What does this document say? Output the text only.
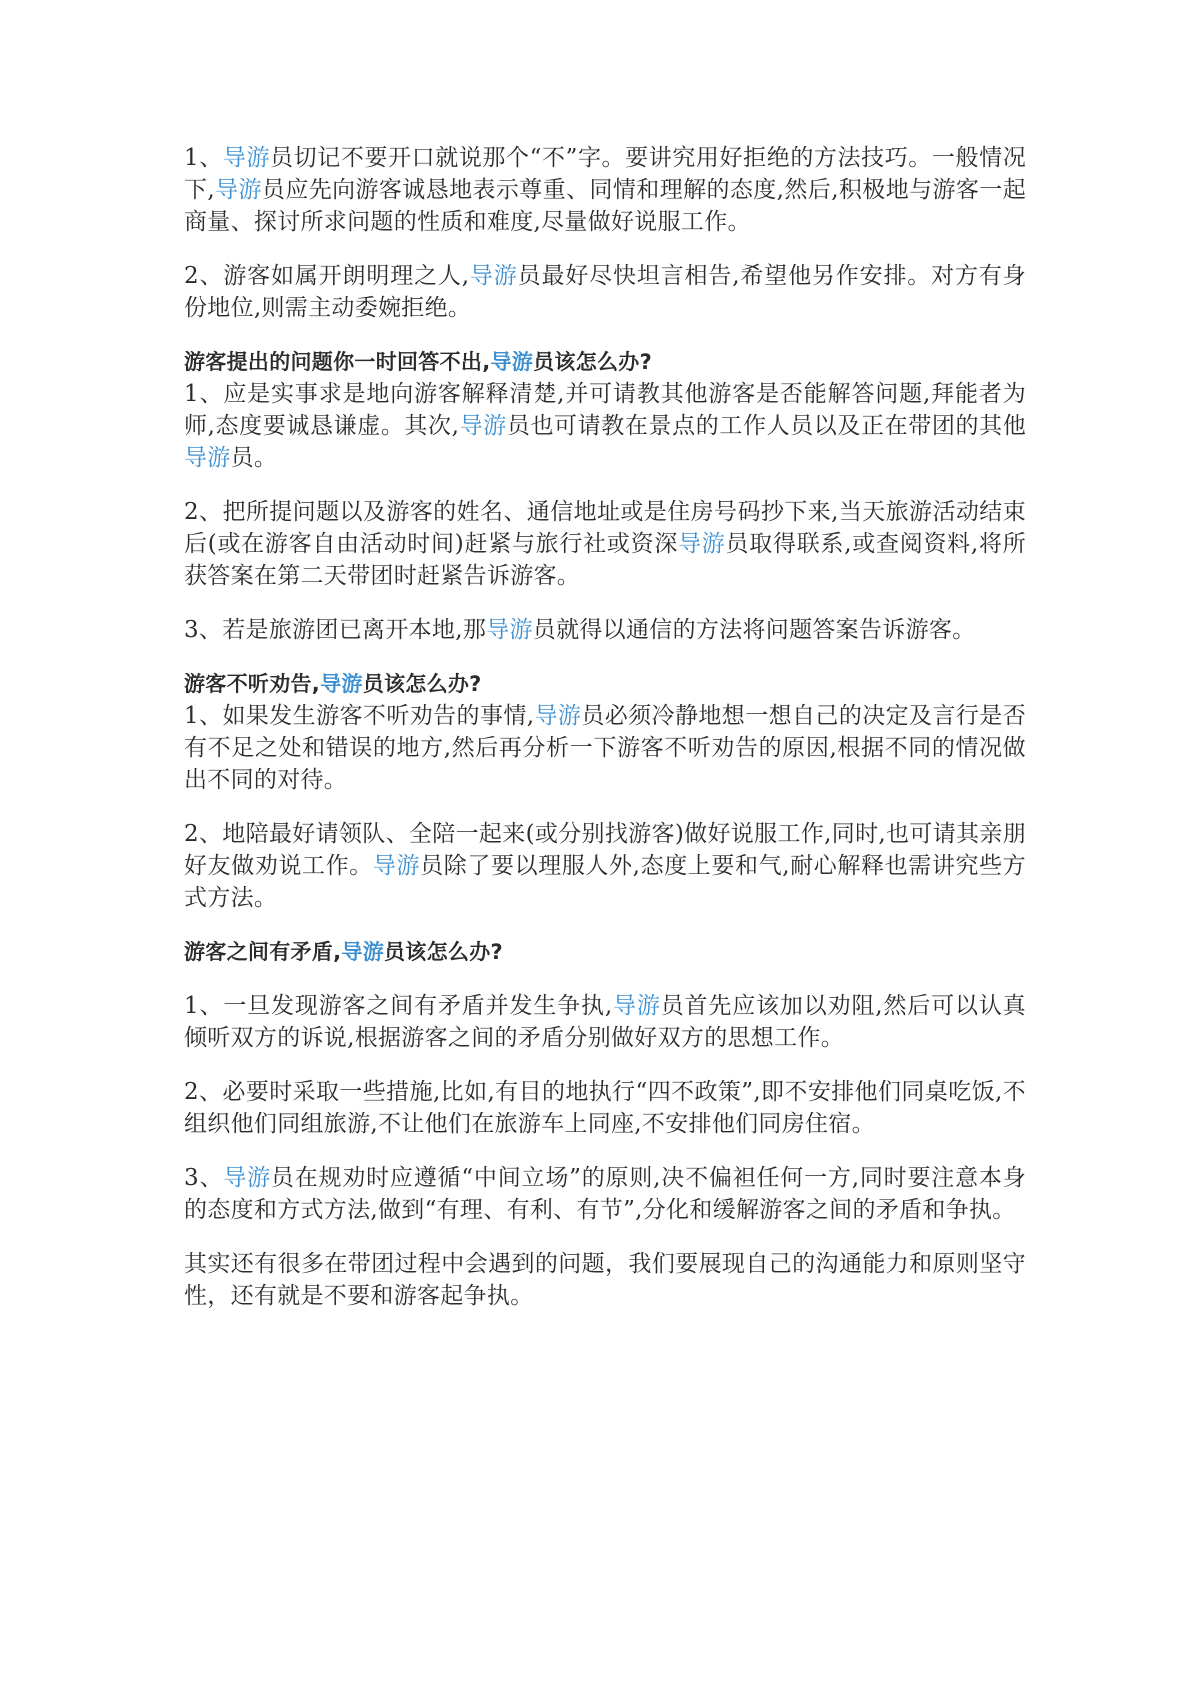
1、导游员切记不要开口就说那个“不”字。要讲究用好拒绝的方法技巧。一般情况下,导游员应先向游客诚恳地表示尊重、同情和理解的态度,然后,积极地与游客一起商量、探讨所求问题的性质和难度,尽量做好说服工作。

2、游客如属开朗明理之人,导游员最好尽快坦言相告,希望他另作安排。对方有身份地位,则需主动委婉拒绝。

游客提出的问题你一时回答不出,导游员该怎么办?

1、应是实事求是地向游客解释清楚,并可请教其他游客是否能解答问题,拜能者为师,态度要诚恳谦虚。其次,导游员也可请教在景点的工作人员以及正在带团的其他导游员。

2、把所提问题以及游客的姓名、通信地址或是住房号码抄下来,当天旅游活动结束后(或在游客自由活动时间)赶紧与旅行社或资深导游员取得联系,或查阅资料,将所获答案在第二天带团时赶紧告诉游客。

3、若是旅游团已离开本地,那导游员就得以通信的方法将问题答案告诉游客。

游客不听劝告,导游员该怎么办?

1、如果发生游客不听劝告的事情,导游员必须冷静地想一想自己的决定及言行是否有不足之处和错误的地方,然后再分析一下游客不听劝告的原因,根据不同的情况做出不同的对待。

2、地陪最好请领队、全陪一起来(或分别找游客)做好说服工作,同时,也可请其亲朋好友做劝说工作。导游员除了要以理服人外,态度上要和气,耐心解释也需讲究些方式方法。

游客之间有矛盾,导游员该怎么办?

1、一旦发现游客之间有矛盾并发生争执,导游员首先应该加以劝阻,然后可以认真倾听双方的诉说,根据游客之间的矛盾分别做好双方的思想工作。

2、必要时采取一些措施,比如,有目的地执行“四不政策”,即不安排他们同桌吃饭,不组织他们同组旅游,不让他们在旅游车上同座,不安排他们同房住宿。

3、导游员在规劝时应遵循“中间立场”的原则,决不偏袒任何一方,同时要注意本身的态度和方式方法,做到“有理、有利、有节”,分化和缓解游客之间的矛盾和争执。

其实还有很多在带团过程中会遇到的问题，我们要展现自己的沟通能力和原则坚守性，还有就是不要和游客起争执。
